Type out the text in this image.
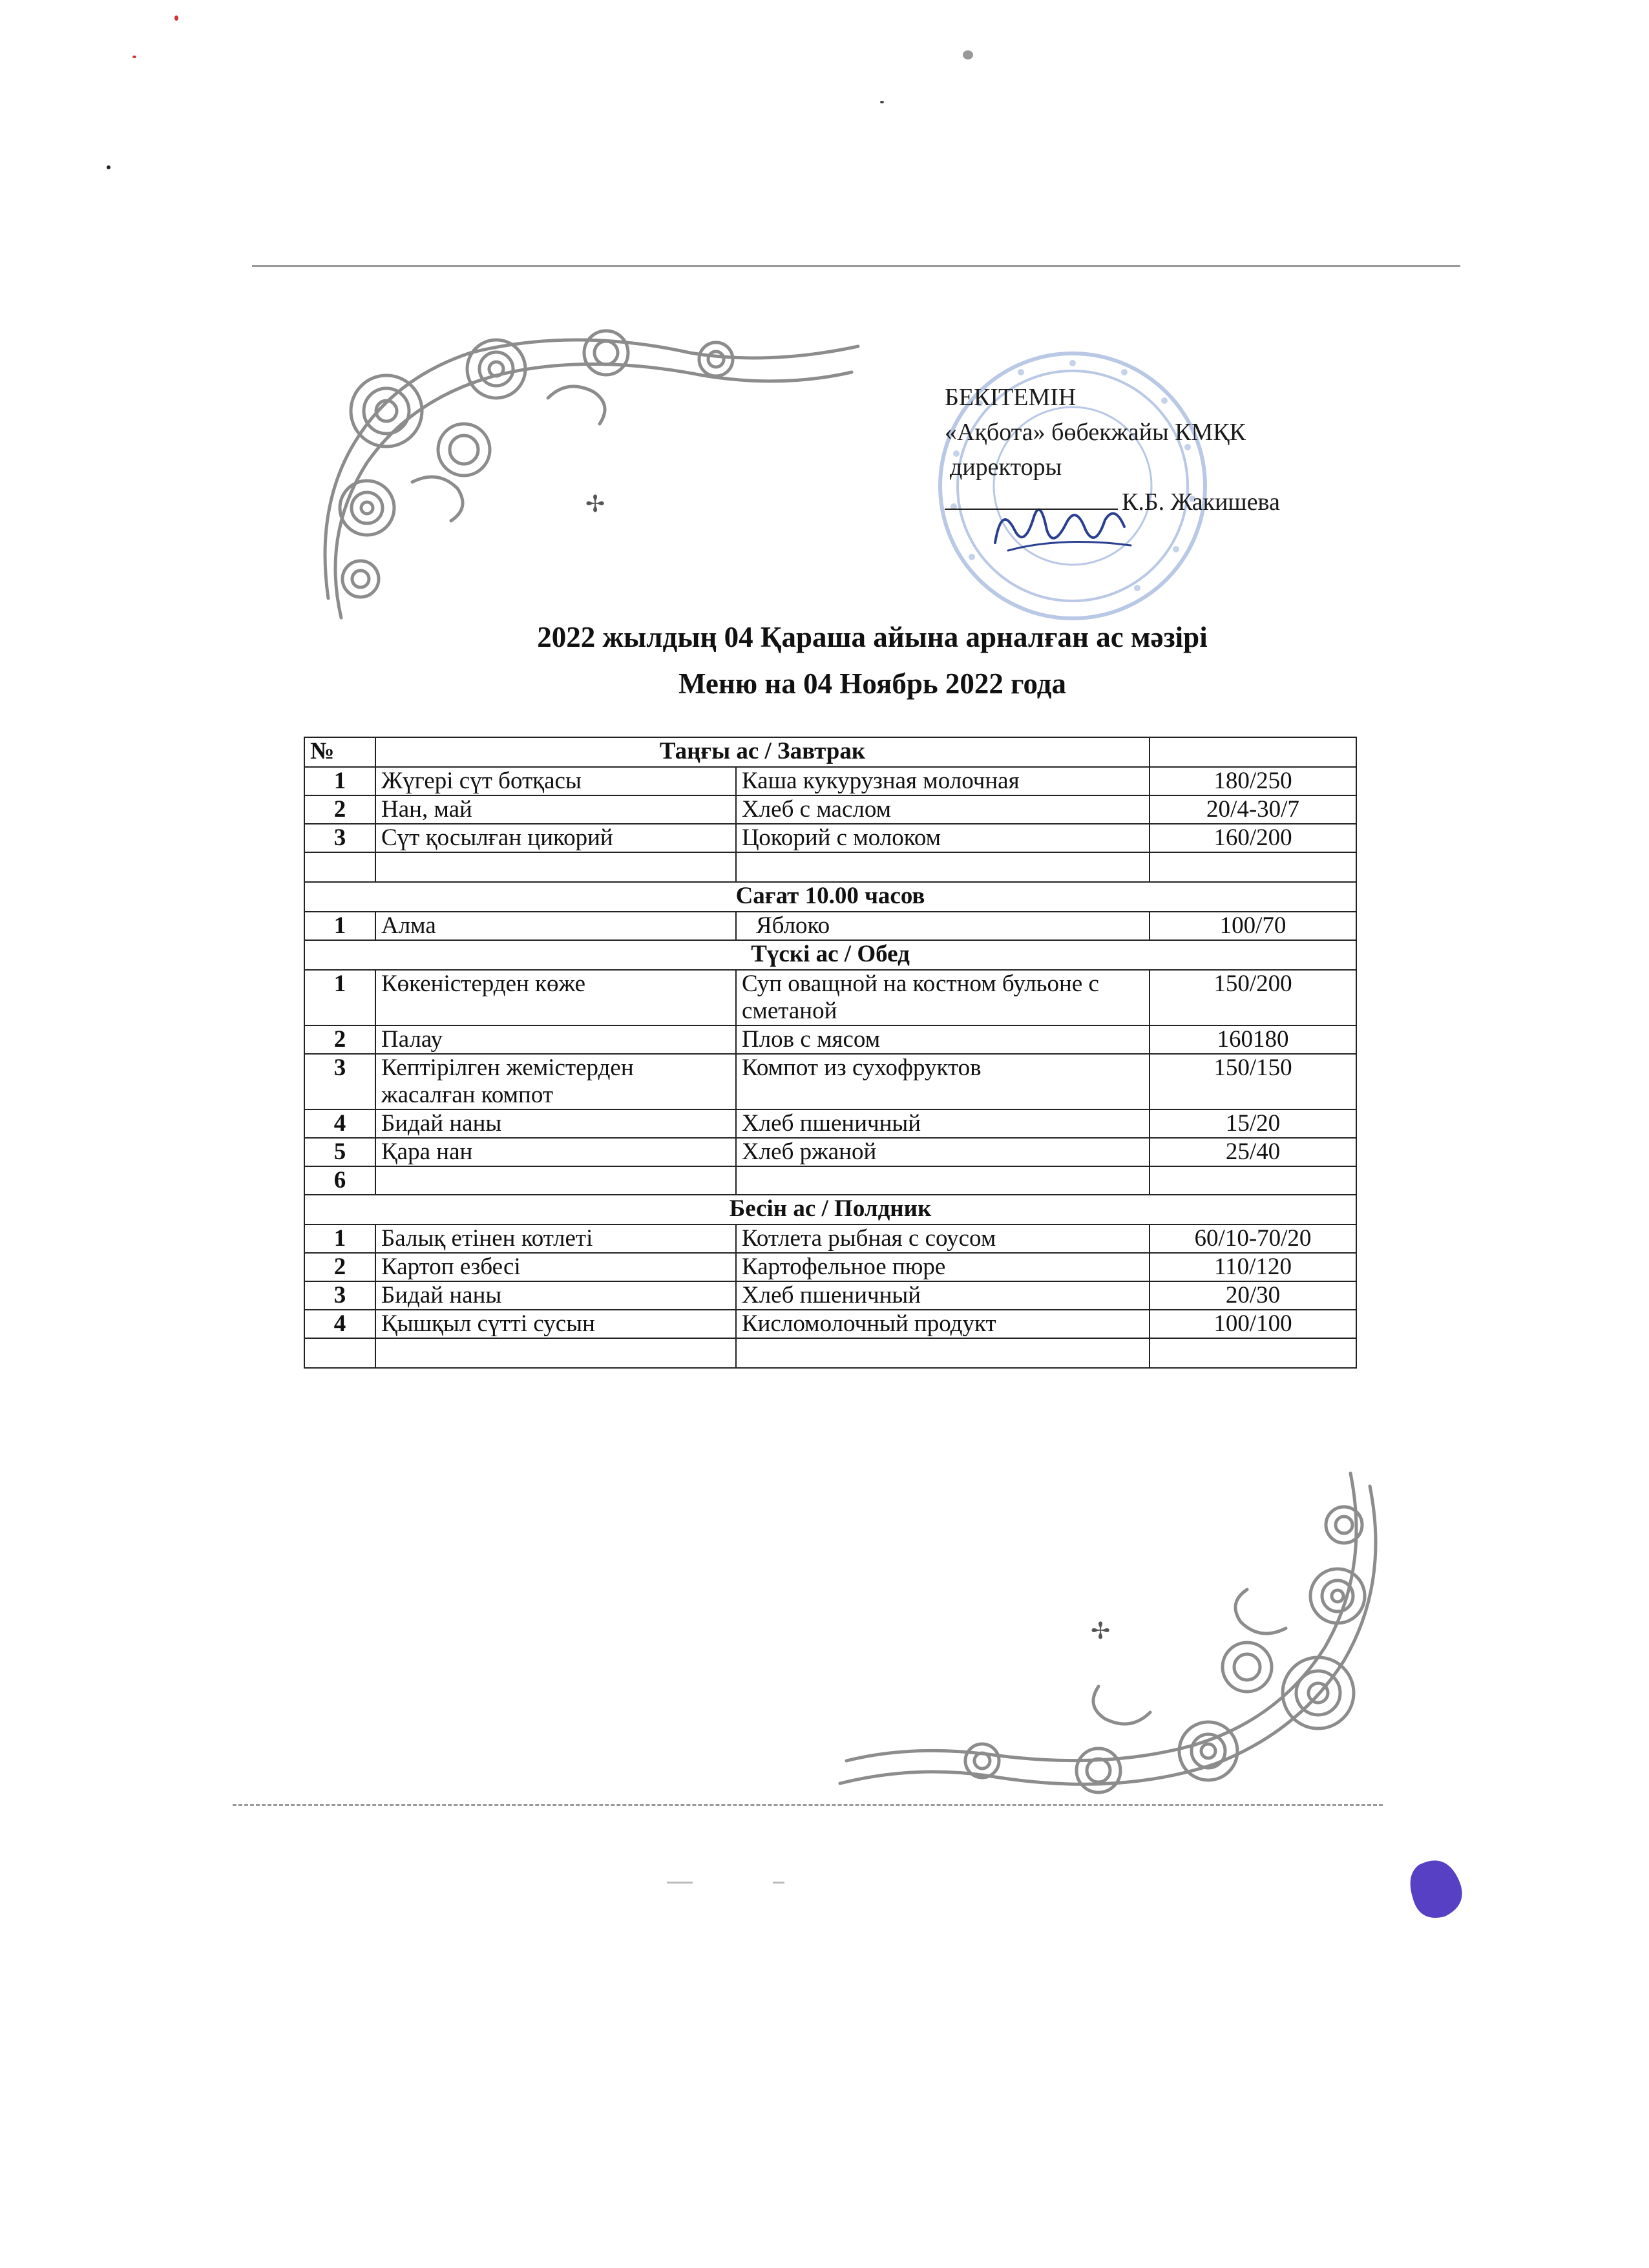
✢
✢
БЕКІТЕМІН
«Ақбота» бөбекжайы КМҚК
директоры
К.Б. Жакишева
2022 жылдың 04 Қараша айына арналған ас мәзірі
Меню на 04 Ноябрь 2022 года
№	Таңғы ас / Завтрак		
1	Жүгері сүт ботқасы	Каша кукурузная молочная	180/250
2	Нан, май	Хлеб с маслом	20/4-30/7
3	Сүт қосылған цикорий	Цокорий с молоком	160/200

Сағат 10.00 часов			
1	Алма	Яблоко	100/70
Түскі ас / Обед			
1	Көкеністерден көже	Суп оващной на костном бульоне с сметаной	150/200
2	Палау	Плов с мясом	160180
3	Кептірілген жемістерден жасалған компот	Компот из сухофруктов	150/150
4	Бидай наны	Хлеб пшеничный	15/20
5	Қара нан	Хлеб ржаной	25/40
6			
Бесін ас / Полдник			
1	Балық етінен котлеті	Котлета рыбная с соусом	60/10-70/20
2	Картоп езбесі	Картофельное пюре	110/120
3	Бидай наны	Хлеб пшеничный	20/30
4	Қышқыл сүтті сусын	Кисломолочный продукт	100/100
